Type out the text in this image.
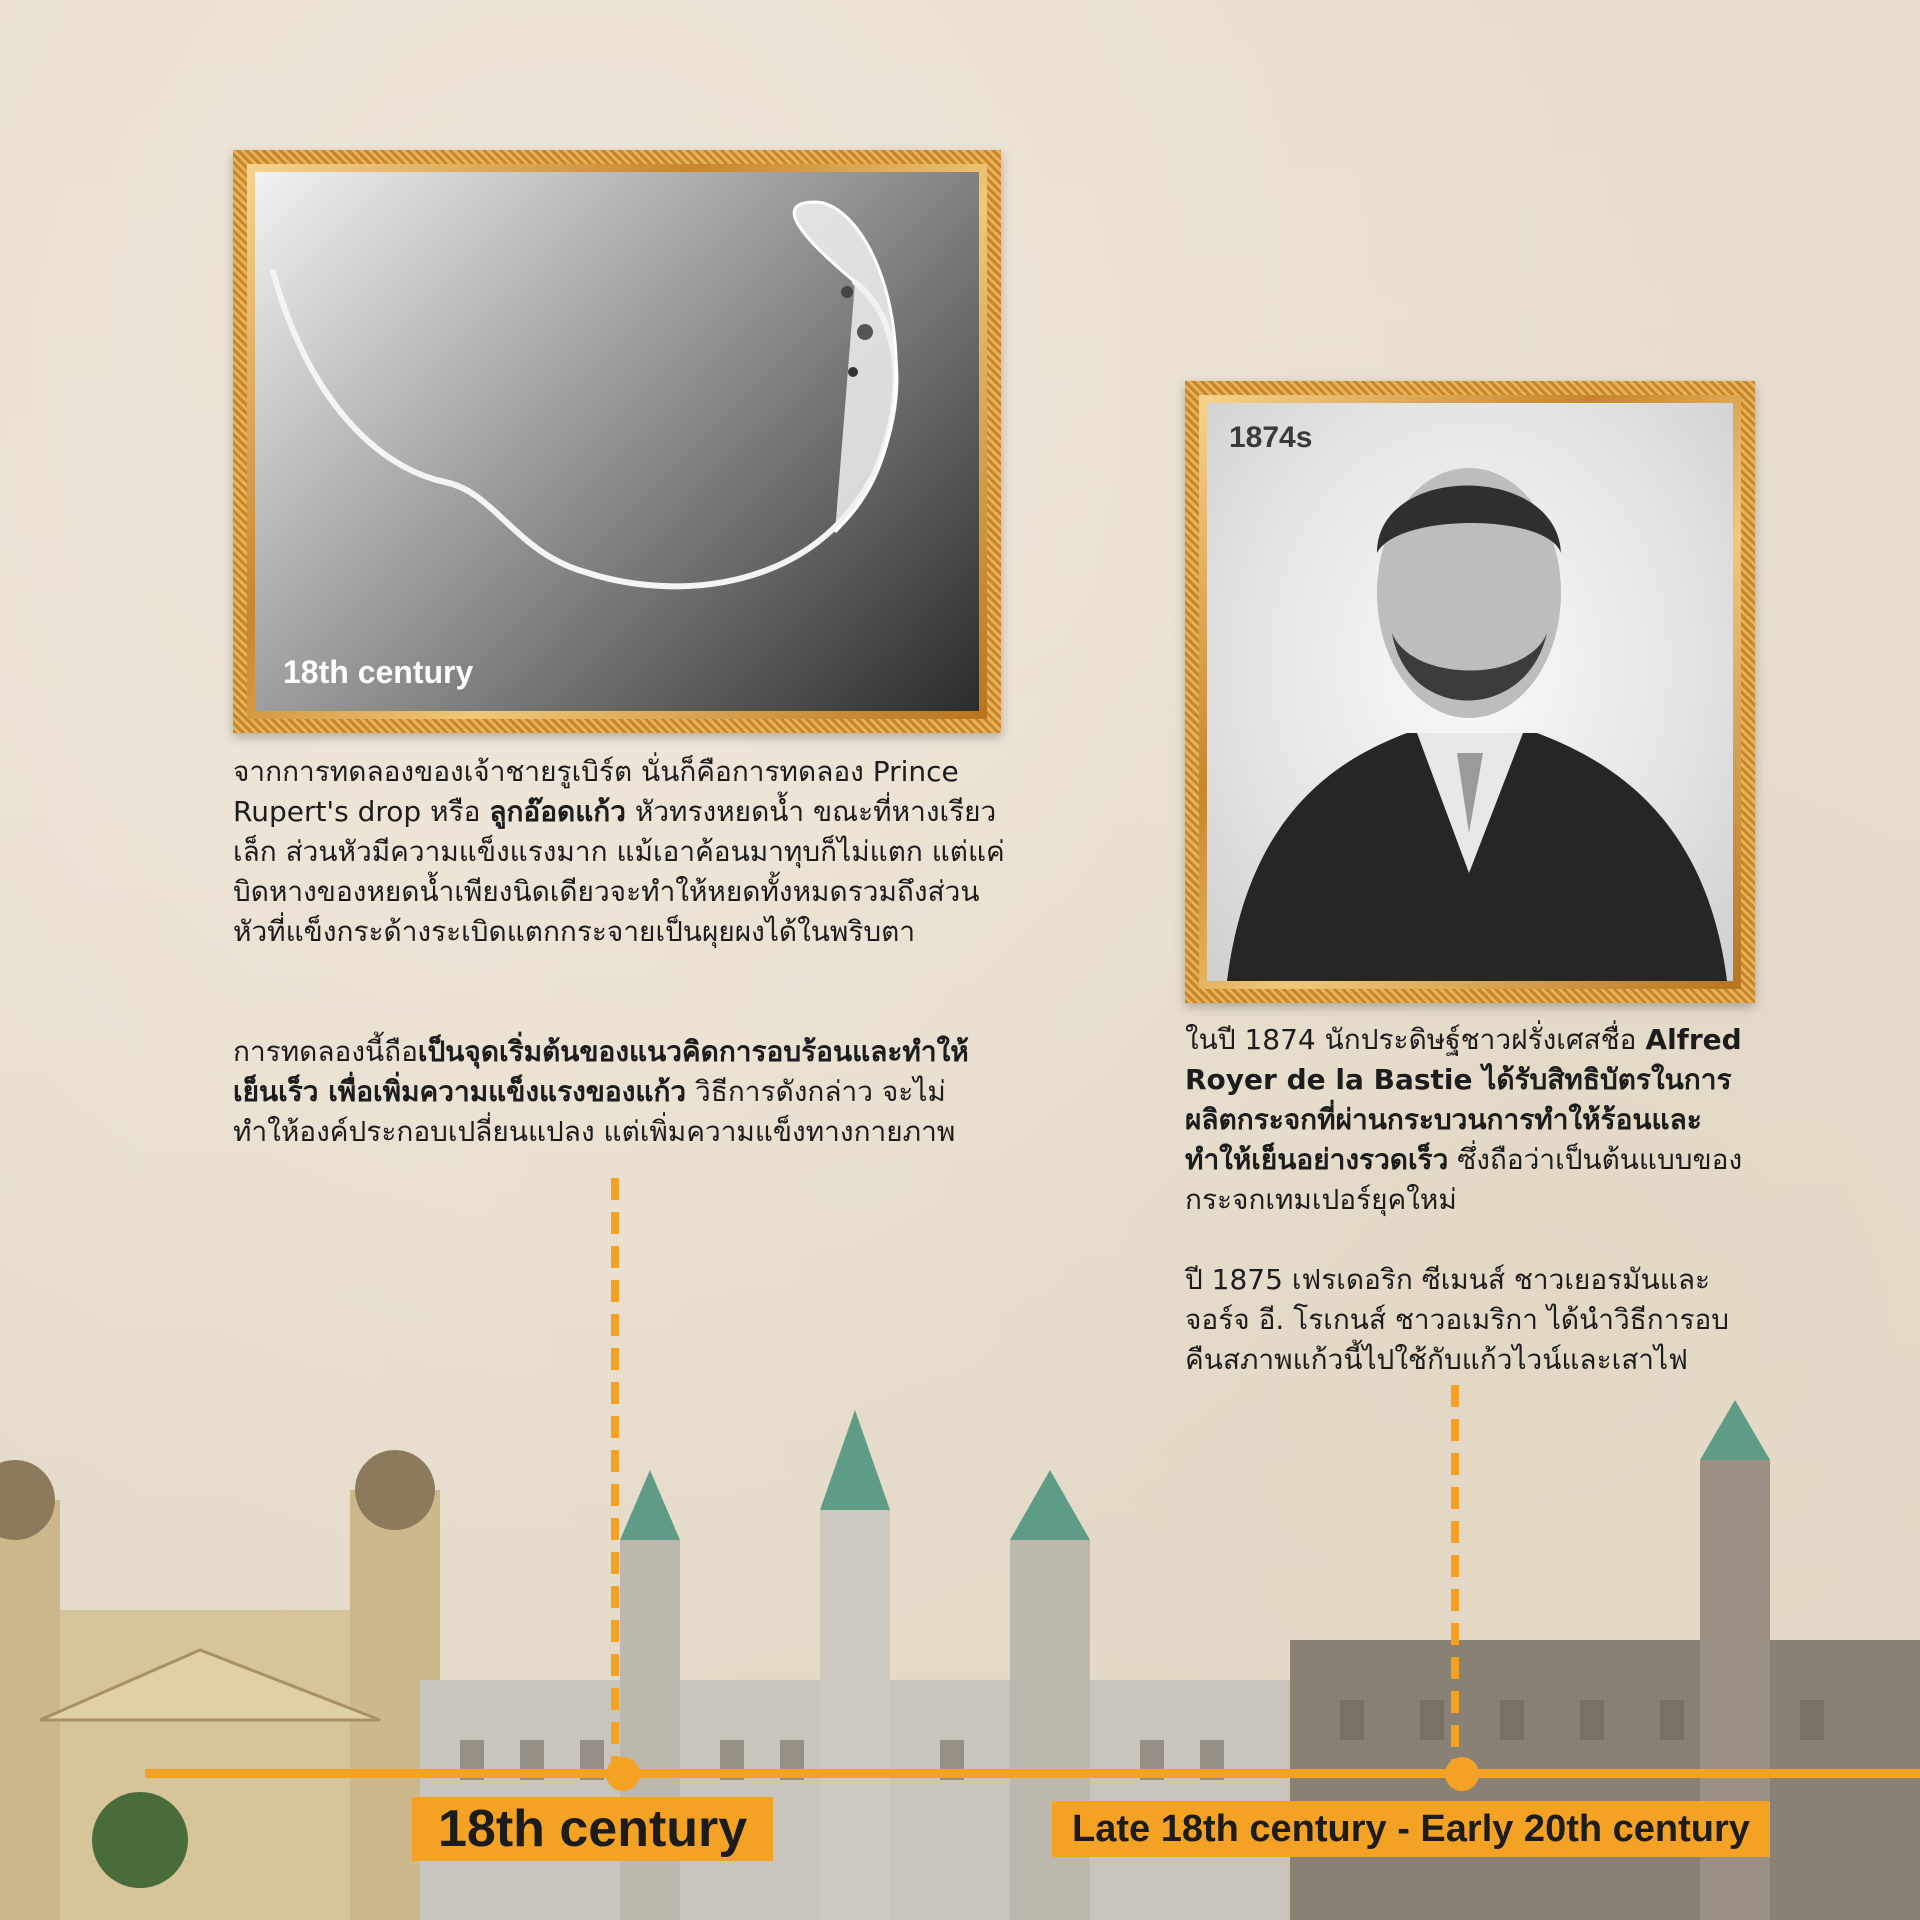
18th century
1874s

จากการทดลองของเจ้าชายรูเบิร์ต นั่นก็คือการทดลอง Prince Rupert's drop หรือ ลูกอ๊อดแก้ว หัวทรงหยดน้ำ ขณะที่หางเรียวเล็ก ส่วนหัวมีความแข็งแรงมาก แม้เอาค้อนมาทุบก็ไม่แตก แต่แค่บิดหางของหยดน้ำเพียงนิดเดียวจะทำให้หยดทั้งหมดรวมถึงส่วนหัวที่แข็งกระด้างระเบิดแตกกระจายเป็นผุยผงได้ในพริบตา

การทดลองนี้ถือเป็นจุดเริ่มต้นของแนวคิดการอบร้อนและทำให้เย็นเร็ว เพื่อเพิ่มความแข็งแรงของแก้ว วิธีการดังกล่าว จะไม่ทำให้องค์ประกอบเปลี่ยนแปลง แต่เพิ่มความแข็งทางกายภาพ

ในปี 1874 นักประดิษฐ์ชาวฝรั่งเศสชื่อ Alfred Royer de la Bastie ได้รับสิทธิบัตรในการผลิตกระจกที่ผ่านกระบวนการทำให้ร้อนและทำให้เย็นอย่างรวดเร็ว ซึ่งถือว่าเป็นต้นแบบของกระจกเทมเปอร์ยุคใหม่

ปี 1875 เฟรเดอริก ซีเมนส์ ชาวเยอรมันและ จอร์จ อี. โรเกนส์ ชาวอเมริกา ได้นำวิธีการอบคืนสภาพแก้วนี้ไปใช้กับแก้วไวน์และเสาไฟ

18th century	Late 18th century - Early 20th century
